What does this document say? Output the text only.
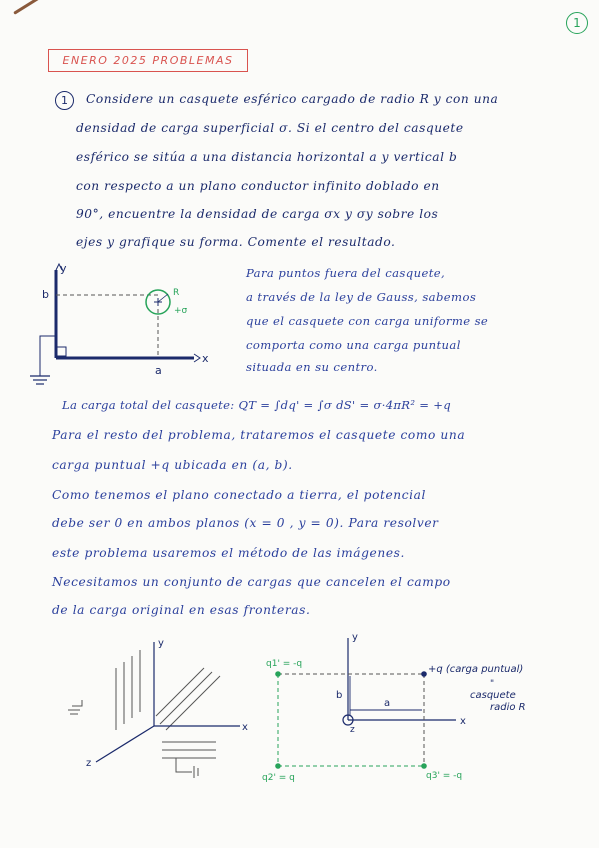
1
ENERO 2025 PROBLEMAS
1	Considere un casquete esférico cargado de radio R y con una
densidad de carga superficial σ. Si el centro del casquete
esférico se sitúa a una distancia horizontal a y vertical b
con respecto a un plano conductor infinito doblado en
90°, encuentre la densidad de carga σx y σy sobre los
ejes y grafique su forma. Comente el resultado.
y
x
b
a
R
+σ
Para puntos fuera del casquete,
a través de la ley de Gauss, sabemos
que el casquete con carga uniforme se
comporta como una carga puntual
situada en su centro.
La carga total del casquete: QT = ∫dq' = ∫σ dS' = σ·4πR² = +q
Para el resto del problema, trataremos el casquete como una
carga puntual +q ubicada en (a, b).
Como tenemos el plano conectado a tierra, el potencial
debe ser 0 en ambos planos (x = 0 , y = 0). Para resolver
este problema usaremos el método de las imágenes.
Necesitamos un conjunto de cargas que cancelen el campo
de la carga original en esas fronteras.
y
x
z
y
x
z
a
b
+q (carga puntual)
"
casquete
radio R
q1' = -q
q2' = q	q3' = -q
